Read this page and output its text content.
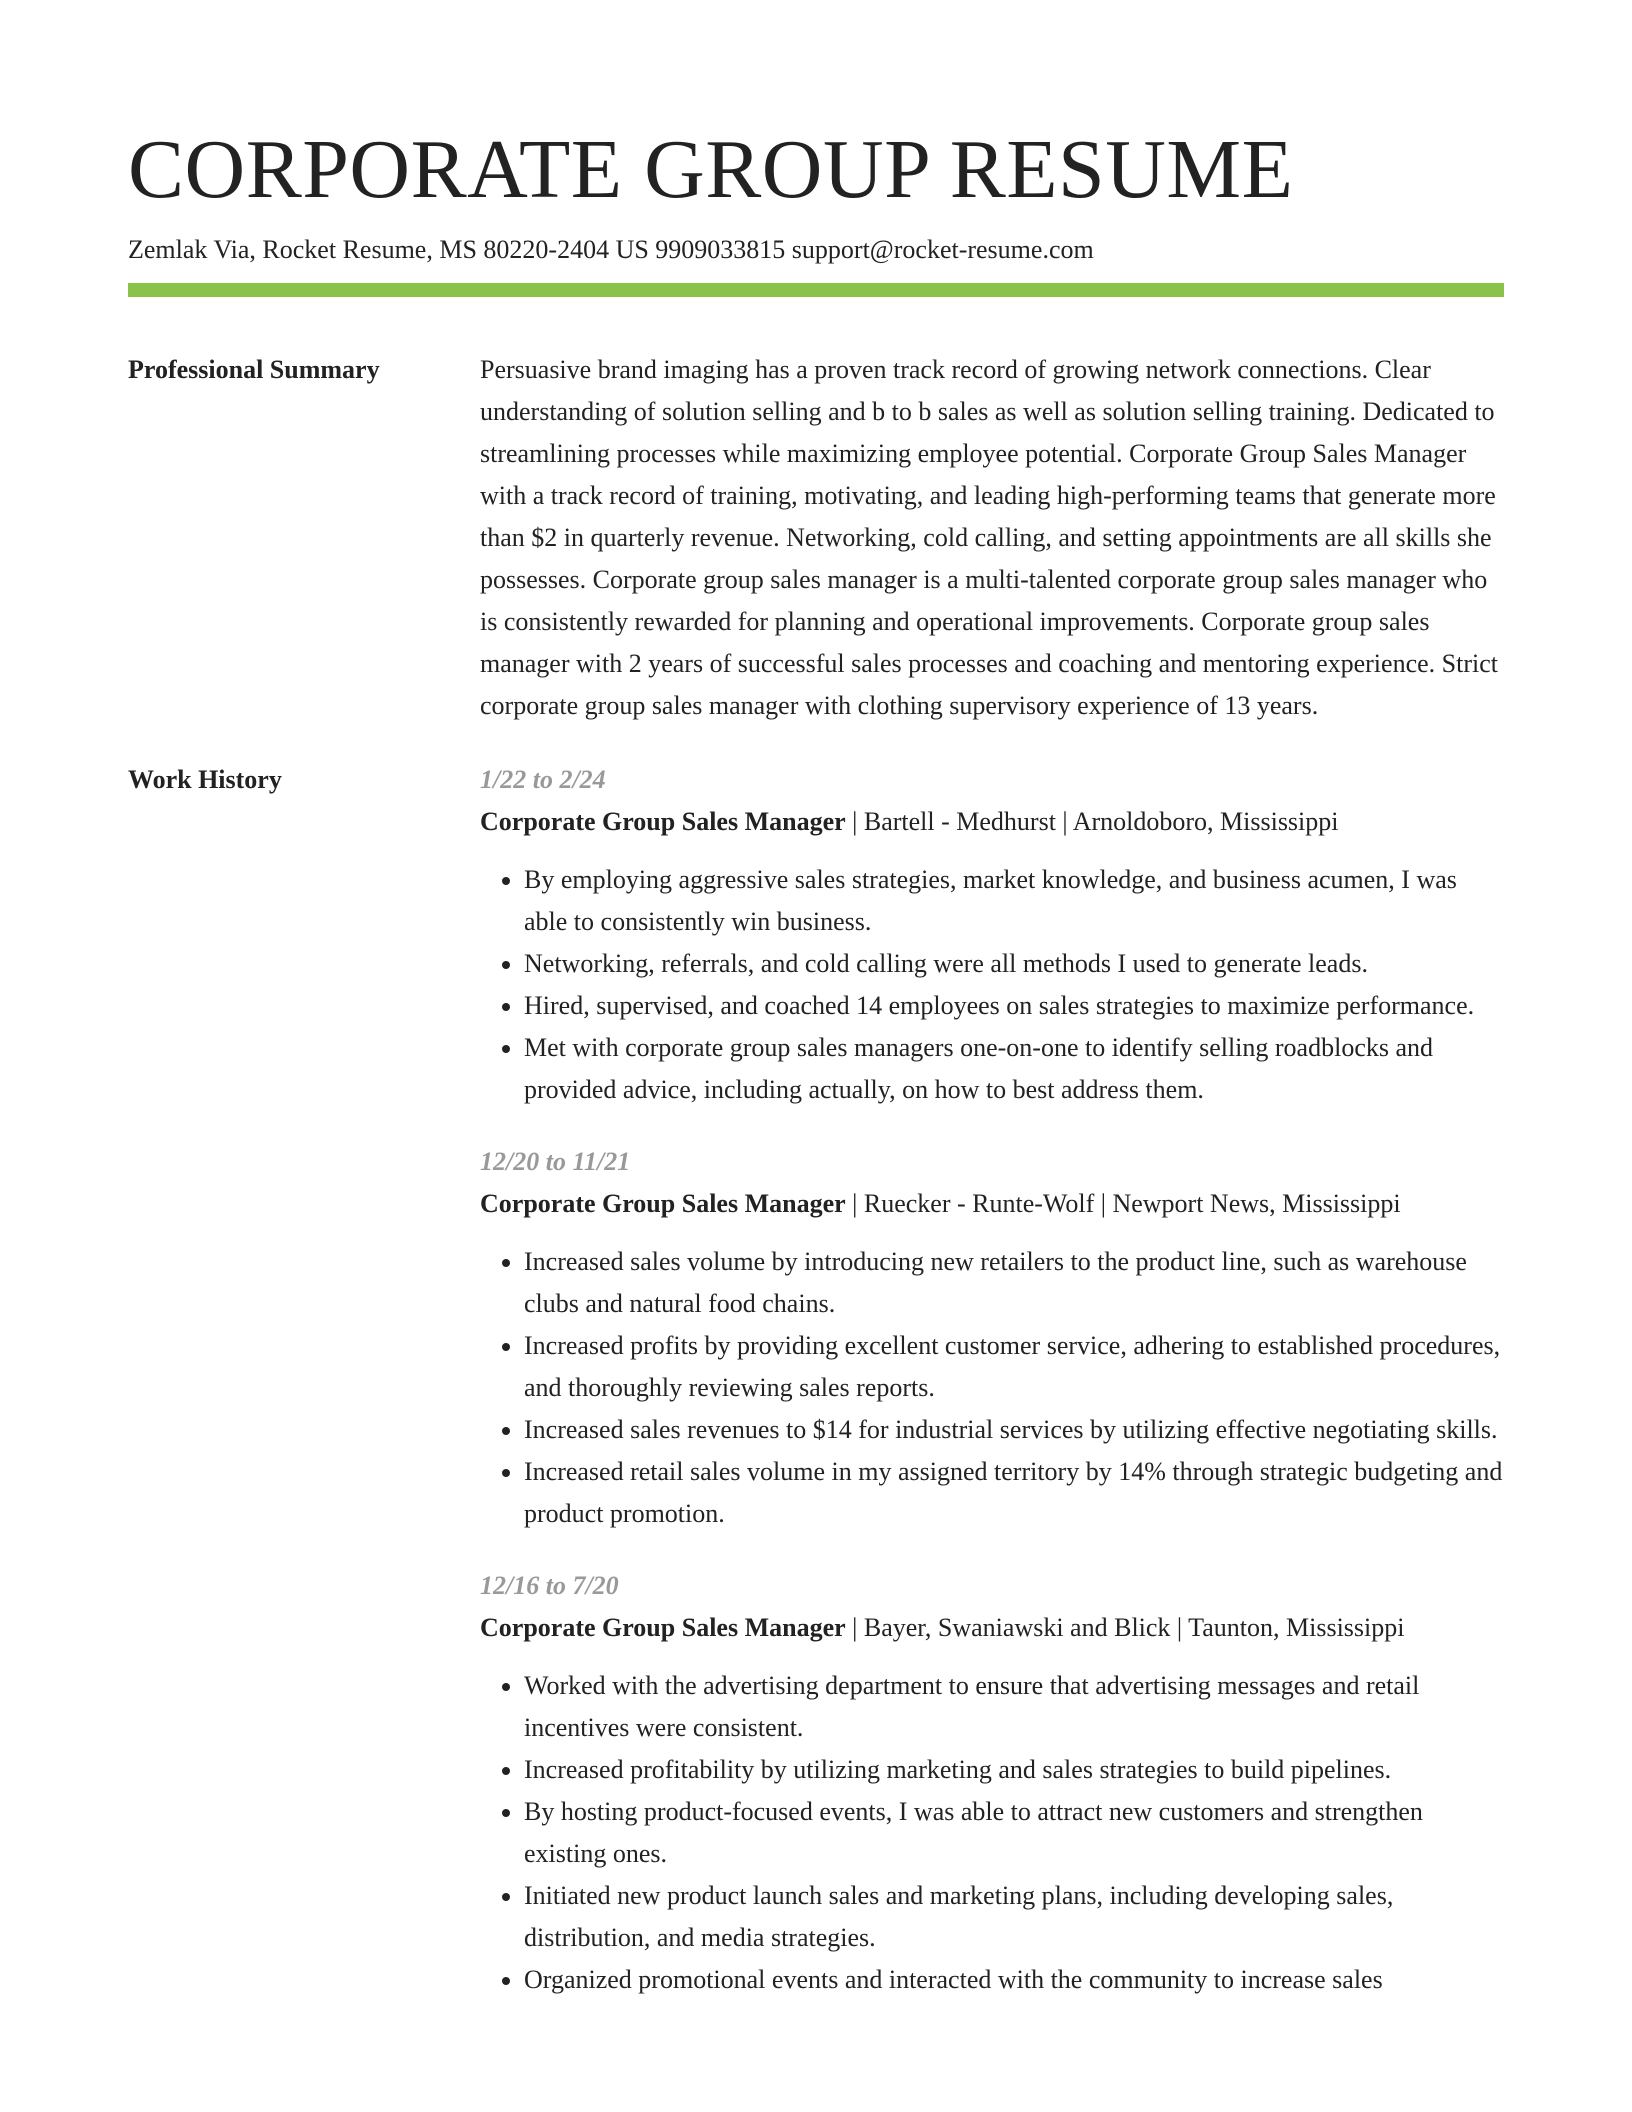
CORPORATE GROUP RESUME
Zemlak Via, Rocket Resume, MS 80220-2404 US 9909033815 support@rocket-resume.com
Professional Summary	Persuasive brand imaging has a proven track record of growing network connections. Clear understanding of solution selling and b to b sales as well as solution selling training. Dedicated to streamlining processes while maximizing employee potential. Corporate Group Sales Manager with a track record of training, motivating, and leading high-performing teams that generate more than $2 in quarterly revenue. Networking, cold calling, and setting appointments are all skills she possesses. Corporate group sales manager is a multi-talented corporate group sales manager who is consistently rewarded for planning and operational improvements. Corporate group sales manager with 2 years of successful sales processes and coaching and mentoring experience. Strict corporate group sales manager with clothing supervisory experience of 13 years.

Work History	1/22 to 2/24
Corporate Group Sales Manager | Bartell - Medhurst | Arnoldoboro, Mississippi
• By employing aggressive sales strategies, market knowledge, and business acumen, I was able to consistently win business.
• Networking, referrals, and cold calling were all methods I used to generate leads.
• Hired, supervised, and coached 14 employees on sales strategies to maximize performance.
• Met with corporate group sales managers one-on-one to identify selling roadblocks and provided advice, including actually, on how to best address them.
12/20 to 11/21
Corporate Group Sales Manager | Ruecker - Runte-Wolf | Newport News, Mississippi
• Increased sales volume by introducing new retailers to the product line, such as warehouse clubs and natural food chains.
• Increased profits by providing excellent customer service, adhering to established procedures, and thoroughly reviewing sales reports.
• Increased sales revenues to $14 for industrial services by utilizing effective negotiating skills.
• Increased retail sales volume in my assigned territory by 14% through strategic budgeting and product promotion.
12/16 to 7/20
Corporate Group Sales Manager | Bayer, Swaniawski and Blick | Taunton, Mississippi
• Worked with the advertising department to ensure that advertising messages and retail incentives were consistent.
• Increased profitability by utilizing marketing and sales strategies to build pipelines.
• By hosting product-focused events, I was able to attract new customers and strengthen existing ones.
• Initiated new product launch sales and marketing plans, including developing sales, distribution, and media strategies.
• Organized promotional events and interacted with the community to increase sales
